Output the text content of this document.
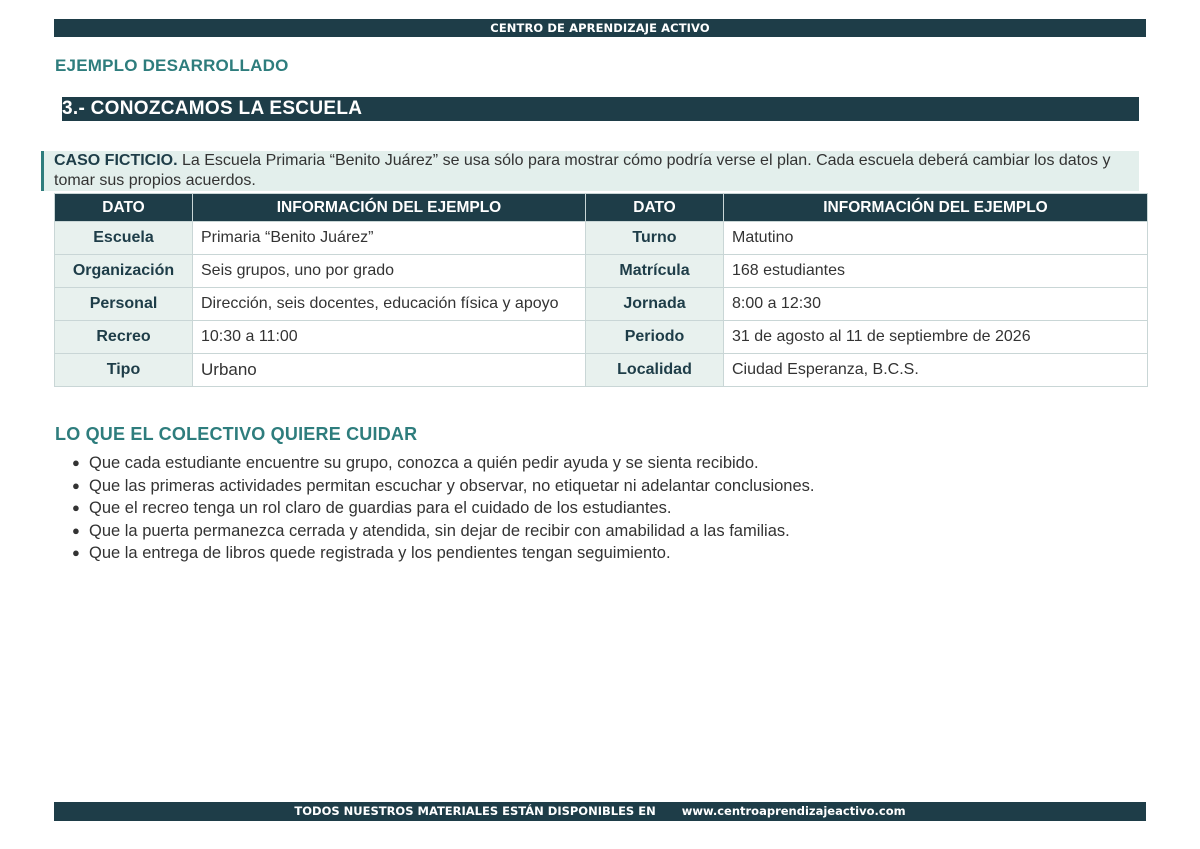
CENTRO DE APRENDIZAJE ACTIVO
EJEMPLO DESARROLLADO
3.- CONOZCAMOS LA ESCUELA
CASO FICTICIO. La Escuela Primaria “Benito Juárez” se usa sólo para mostrar cómo podría verse el plan. Cada escuela deberá cambiar los datos y tomar sus propios acuerdos.
DATO	INFORMACIÓN DEL EJEMPLO	DATO	INFORMACIÓN DEL EJEMPLO
Escuela	Primaria “Benito Juárez”	Turno	Matutino
Organización	Seis grupos, uno por grado	Matrícula	168 estudiantes
Personal	Dirección, seis docentes, educación física y apoyo	Jornada	8:00 a 12:30
Recreo	10:30 a 11:00	Periodo	31 de agosto al 11 de septiembre de 2026
Tipo	Urbano	Localidad	Ciudad Esperanza, B.C.S.
LO QUE EL COLECTIVO QUIERE CUIDAR
● Que cada estudiante encuentre su grupo, conozca a quién pedir ayuda y se sienta recibido.
● Que las primeras actividades permitan escuchar y observar, no etiquetar ni adelantar conclusiones.
● Que el recreo tenga un rol claro de guardias para el cuidado de los estudiantes.
● Que la puerta permanezca cerrada y atendida, sin dejar de recibir con amabilidad a las familias.
● Que la entrega de libros quede registrada y los pendientes tengan seguimiento.
TODOS NUESTROS MATERIALES ESTÁN DISPONIBLES EN www.centroaprendizajeactivo.com
